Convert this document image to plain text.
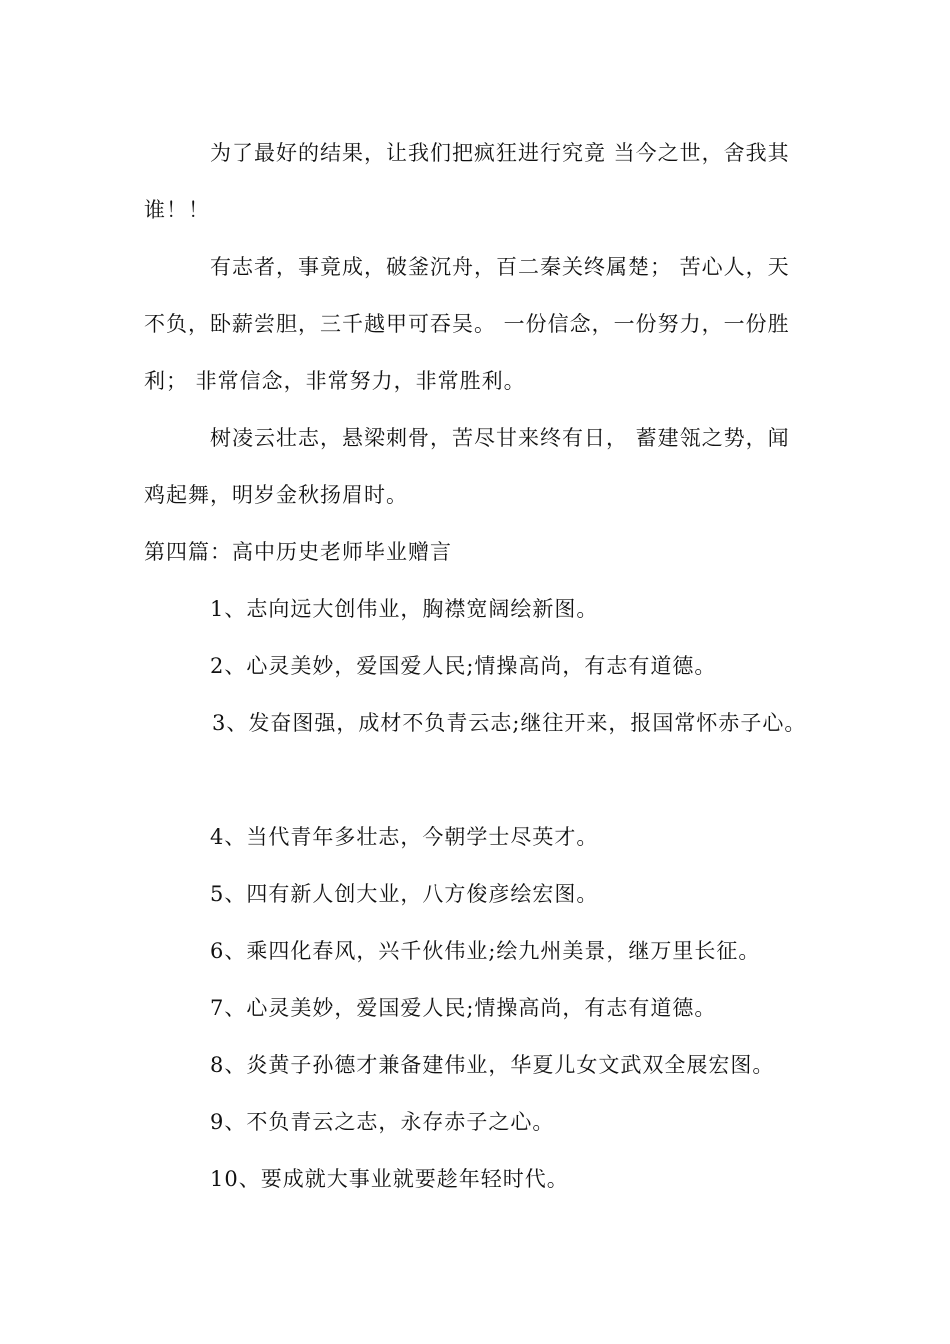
为了最好的结果，让我们把疯狂进行究竟 当今之世，舍我其
谁！！
有志者，事竟成，破釜沉舟，百二秦关终属楚； 苦心人，天
不负，卧薪尝胆，三千越甲可吞吴。 一份信念，一份努力，一份胜
利； 非常信念，非常努力，非常胜利。
树凌云壮志，悬梁刺骨，苦尽甘来终有日， 蓄建瓴之势，闻
鸡起舞，明岁金秋扬眉时。
第四篇：高中历史老师毕业赠言
1、志向远大创伟业，胸襟宽阔绘新图。
2、心灵美妙，爱国爱人民;情操高尚，有志有道德。
3、发奋图强，成材不负青云志;继往开来，报国常怀赤子心。
4、当代青年多壮志，今朝学士尽英才。
5、四有新人创大业，八方俊彦绘宏图。
6、乘四化春风，兴千伙伟业;绘九州美景，继万里长征。
7、心灵美妙，爱国爱人民;情操高尚，有志有道德。
8、炎黄子孙德才兼备建伟业，华夏儿女文武双全展宏图。
9、不负青云之志，永存赤子之心。
10、要成就大事业就要趁年轻时代。
